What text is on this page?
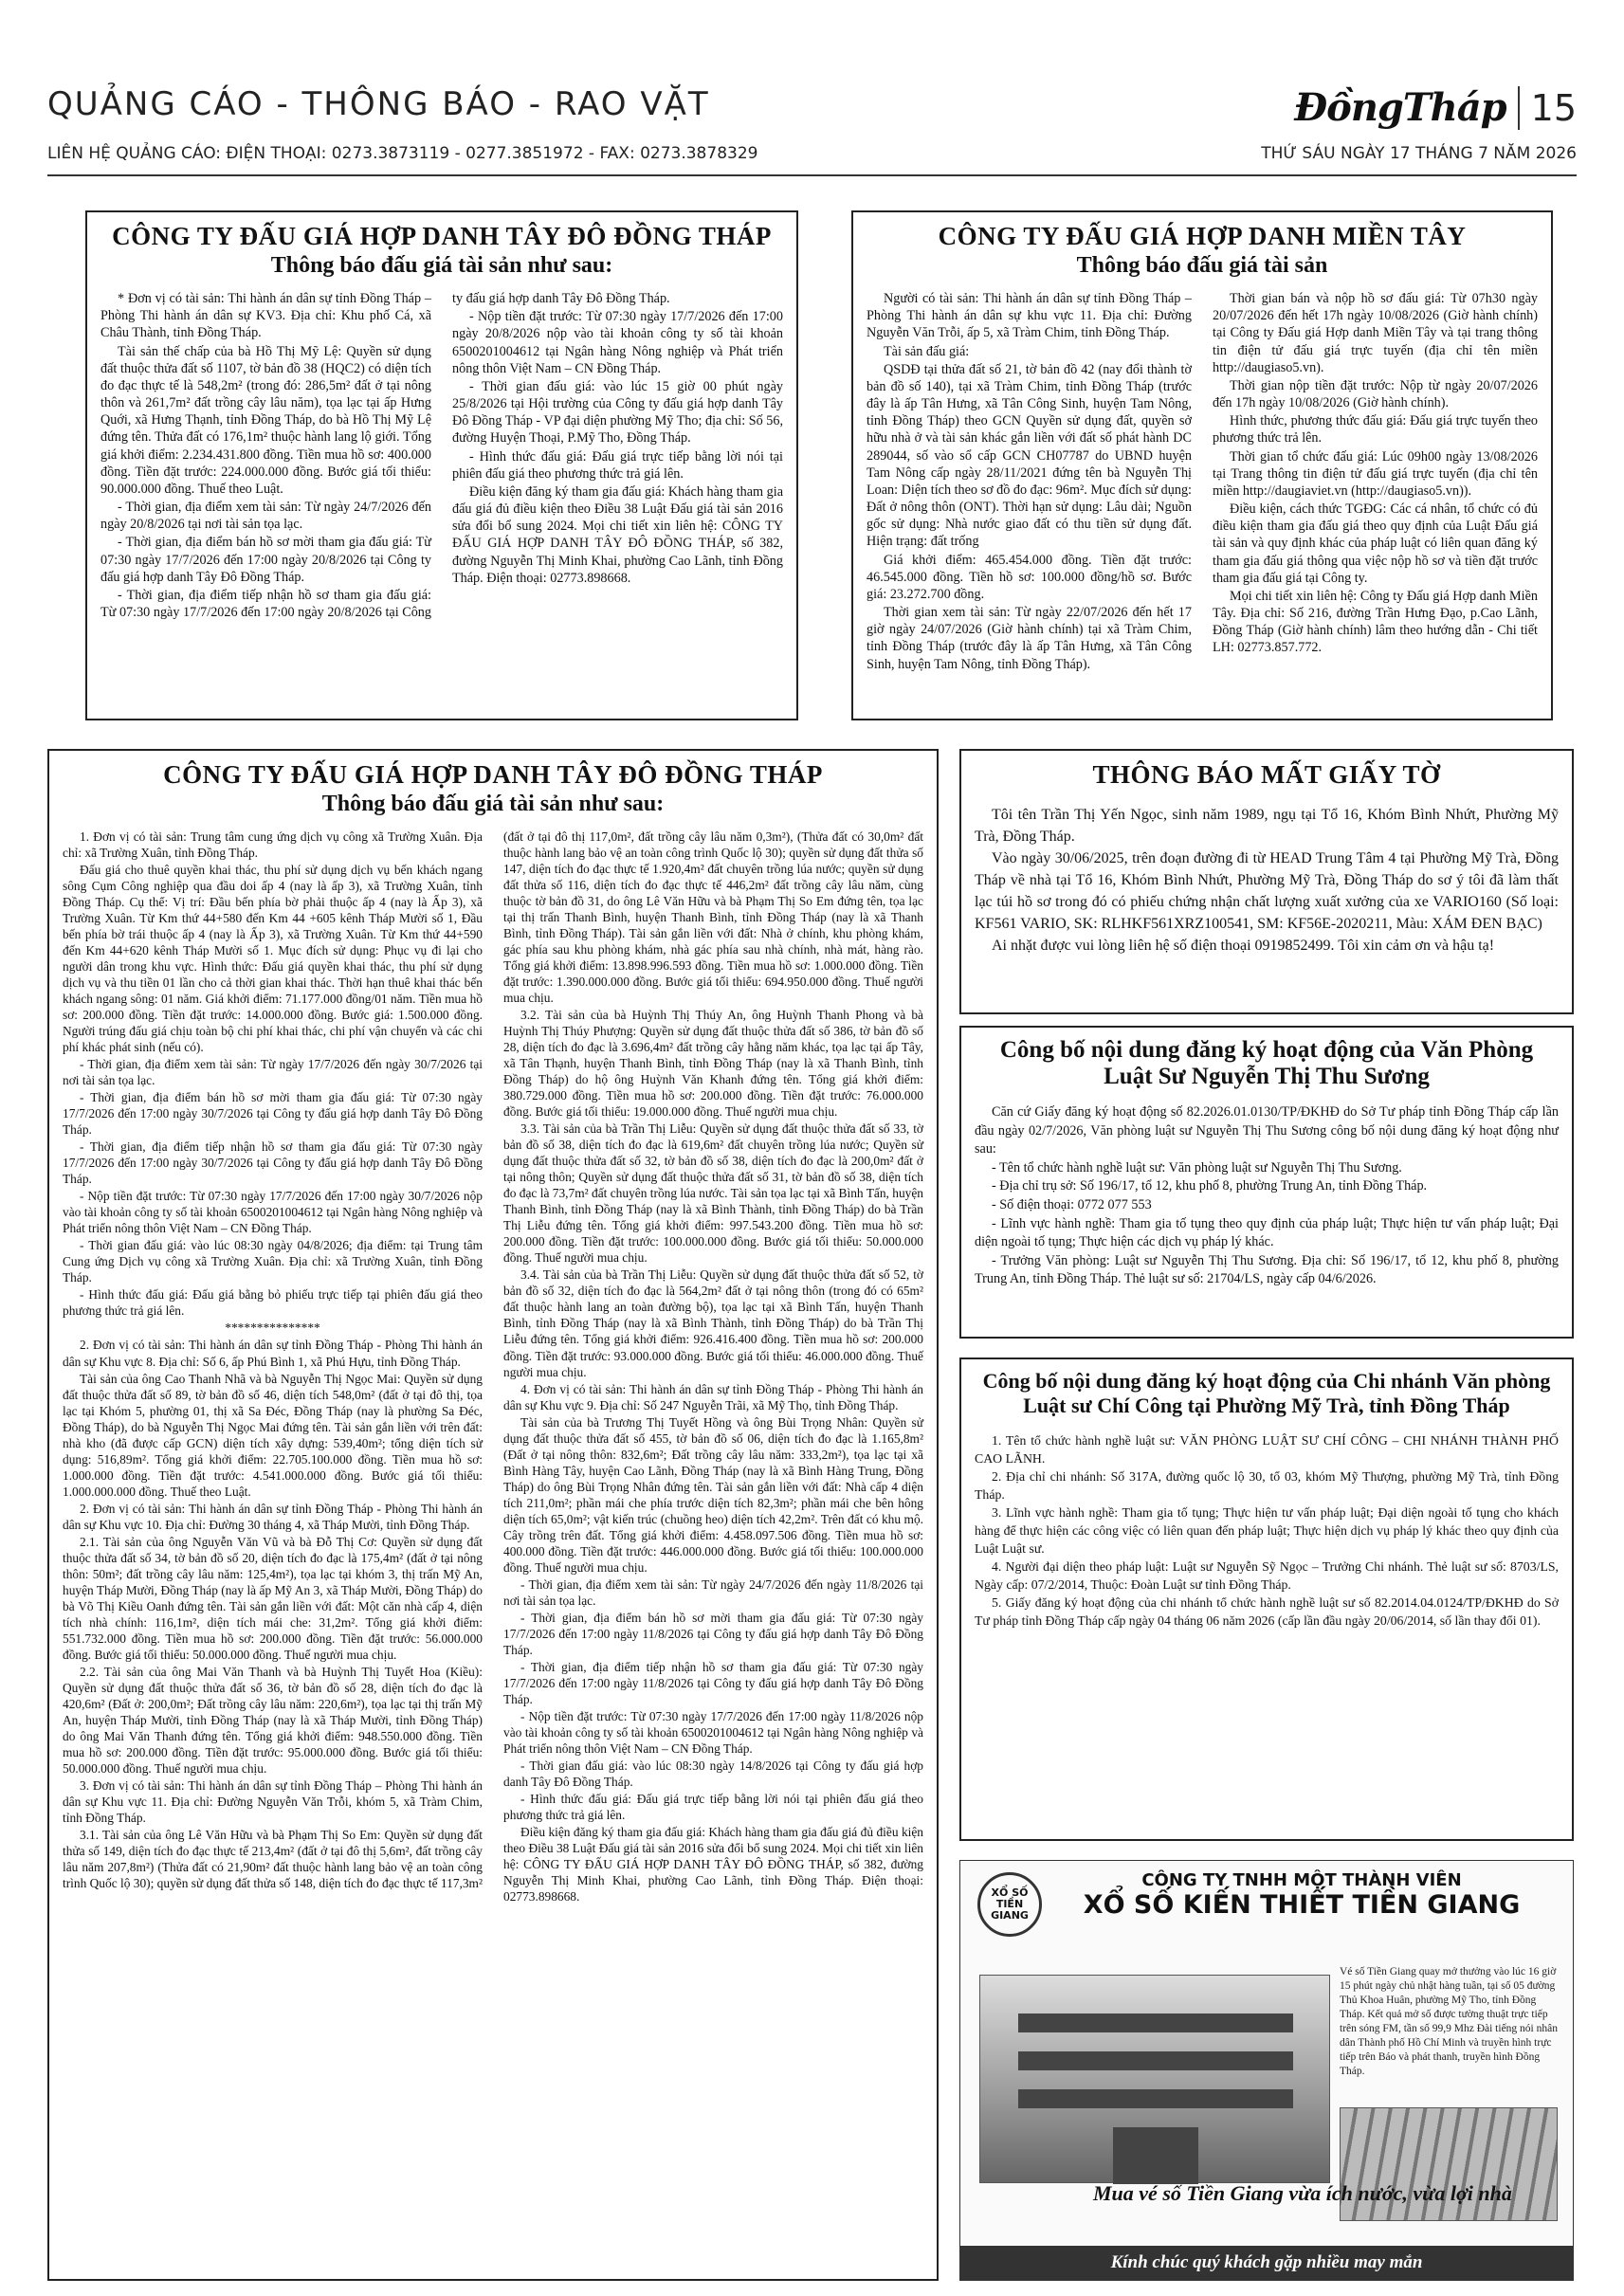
QUẢNG CÁO - THÔNG BÁO - RAO VẶT
LIÊN HỆ QUẢNG CÁO: ĐIỆN THOẠI: 0273.3873119 - 0277.3851972 - FAX: 0273.3878329
ĐồngTháp 15
THỨ SÁU NGÀY 17 THÁNG 7 NĂM 2026
CÔNG TY ĐẤU GIÁ HỢP DANH TÂY ĐÔ ĐỒNG THÁP
Thông báo đấu giá tài sản như sau:

* Đơn vị có tài sản: Thi hành án dân sự tỉnh Đồng Tháp – Phòng Thi hành án dân sự KV3. Địa chỉ: Khu phố Cá, xã Châu Thành, tỉnh Đồng Tháp.

Tài sản thế chấp của bà Hồ Thị Mỹ Lệ: Quyền sử dụng đất thuộc thửa đất số 1107, tờ bản đồ 38 (HQC2) có diện tích đo đạc thực tế là 548,2m² (trong đó: 286,5m² đất ở tại nông thôn và 261,7m² đất trồng cây lâu năm), tọa lạc tại ấp Hưng Quới, xã Hưng Thạnh, tỉnh Đồng Tháp, do bà Hồ Thị Mỹ Lệ đứng tên. Thửa đất có 176,1m² thuộc hành lang lộ giới. Tổng giá khởi điểm: 2.234.431.800 đồng. Tiền mua hồ sơ: 400.000 đồng. Tiền đặt trước: 224.000.000 đồng. Bước giá tối thiểu: 90.000.000 đồng. Thuế theo Luật.

- Thời gian, địa điểm xem tài sản: Từ ngày 24/7/2026 đến ngày 20/8/2026 tại nơi tài sản tọa lạc.

- Thời gian, địa điểm bán hồ sơ mời tham gia đấu giá: Từ 07:30 ngày 17/7/2026 đến 17:00 ngày 20/8/2026 tại Công ty đấu giá hợp danh Tây Đô Đồng Tháp.

- Thời gian, địa điểm tiếp nhận hồ sơ tham gia đấu giá: Từ 07:30 ngày 17/7/2026 đến 17:00 ngày 20/8/2026 tại Công ty đấu giá hợp danh Tây Đô Đồng Tháp.

- Nộp tiền đặt trước: Từ 07:30 ngày 17/7/2026 đến 17:00 ngày 20/8/2026 nộp vào tài khoản công ty số tài khoản 6500201004612 tại Ngân hàng Nông nghiệp và Phát triển nông thôn Việt Nam – CN Đồng Tháp.

- Thời gian đấu giá: vào lúc 15 giờ 00 phút ngày 25/8/2026 tại Hội trường của Công ty đấu giá hợp danh Tây Đô Đồng Tháp - VP đại diện phường Mỹ Tho; địa chỉ: Số 56, đường Huyện Thoại, P.Mỹ Tho, Đồng Tháp.

- Hình thức đấu giá: Đấu giá trực tiếp bằng lời nói tại phiên đấu giá theo phương thức trả giá lên.

Điều kiện đăng ký tham gia đấu giá: Khách hàng tham gia đấu giá đủ điều kiện theo Điều 38 Luật Đấu giá tài sản 2016 sửa đổi bổ sung 2024. Mọi chi tiết xin liên hệ: CÔNG TY ĐẤU GIÁ HỢP DANH TÂY ĐÔ ĐỒNG THÁP, số 382, đường Nguyễn Thị Minh Khai, phường Cao Lãnh, tỉnh Đồng Tháp. Điện thoại: 02773.898668.

CÔNG TY ĐẤU GIÁ HỢP DANH MIỀN TÂY
Thông báo đấu giá tài sản

Người có tài sản: Thi hành án dân sự tỉnh Đồng Tháp – Phòng Thi hành án dân sự khu vực 11. Địa chỉ: Đường Nguyễn Văn Trỗi, ấp 5, xã Tràm Chim, tỉnh Đồng Tháp.

Tài sản đấu giá:

QSDĐ tại thửa đất số 21, tờ bản đồ 42 (nay đổi thành tờ bản đồ số 140), tại xã Tràm Chim, tỉnh Đồng Tháp (trước đây là ấp Tân Hưng, xã Tân Công Sinh, huyện Tam Nông, tỉnh Đồng Tháp) theo GCN Quyền sử dụng đất, quyền sở hữu nhà ở và tài sản khác gắn liền với đất số phát hành DC 289044, số vào sổ cấp GCN CH07787 do UBND huyện Tam Nông cấp ngày 28/11/2021 đứng tên bà Nguyễn Thị Loan: Diện tích theo sơ đồ đo đạc: 96m². Mục đích sử dụng: Đất ở nông thôn (ONT). Thời hạn sử dụng: Lâu dài; Nguồn gốc sử dụng: Nhà nước giao đất có thu tiền sử dụng đất. Hiện trạng: đất trống

Giá khởi điểm: 465.454.000 đồng. Tiền đặt trước: 46.545.000 đồng. Tiền hồ sơ: 100.000 đồng/hồ sơ. Bước giá: 23.272.700 đồng.

Thời gian xem tài sản: Từ ngày 22/07/2026 đến hết 17 giờ ngày 24/07/2026 (Giờ hành chính) tại xã Tràm Chim, tỉnh Đồng Tháp (trước đây là ấp Tân Hưng, xã Tân Công Sinh, huyện Tam Nông, tỉnh Đồng Tháp).

Thời gian bán và nộp hồ sơ đấu giá: Từ 07h30 ngày 20/07/2026 đến hết 17h ngày 10/08/2026 (Giờ hành chính) tại Công ty Đấu giá Hợp danh Miền Tây và tại trang thông tin điện tử đấu giá trực tuyến (địa chỉ tên miền http://daugiaso5.vn).

Thời gian nộp tiền đặt trước: Nộp từ ngày 20/07/2026 đến 17h ngày 10/08/2026 (Giờ hành chính).

Hình thức, phương thức đấu giá: Đấu giá trực tuyến theo phương thức trả lên.

Thời gian tổ chức đấu giá: Lúc 09h00 ngày 13/08/2026 tại Trang thông tin điện tử đấu giá trực tuyến (địa chỉ tên miền http://daugiaviet.vn (http://daugiaso5.vn)).

Điều kiện, cách thức TGĐG: Các cá nhân, tổ chức có đủ điều kiện tham gia đấu giá theo quy định của Luật Đấu giá tài sản và quy định khác của pháp luật có liên quan đăng ký tham gia đấu giá thông qua việc nộp hồ sơ và tiền đặt trước tham gia đấu giá tại Công ty.

Mọi chi tiết xin liên hệ: Công ty Đấu giá Hợp danh Miền Tây. Địa chỉ: Số 216, đường Trần Hưng Đạo, p.Cao Lãnh, Đồng Tháp (Giờ hành chính) lâm theo hướng dẫn - Chi tiết LH: 02773.857.772.

CÔNG TY ĐẤU GIÁ HỢP DANH TÂY ĐÔ ĐỒNG THÁP
Thông báo đấu giá tài sản như sau:

1. Đơn vị có tài sản: Trung tâm cung ứng dịch vụ công xã Trường Xuân. Địa chỉ: xã Trường Xuân, tỉnh Đồng Tháp.

Đấu giá cho thuê quyền khai thác, thu phí sử dụng dịch vụ bến khách ngang sông Cụm Công nghiệp qua đầu doi ấp 4 (nay là ấp 3), xã Trường Xuân, tỉnh Đồng Tháp. Cụ thể: Vị trí: Đầu bến phía bờ phải thuộc ấp 4 (nay là Ấp 3), xã Trường Xuân. Từ Km thứ 44+580 đến Km 44 +605 kênh Tháp Mười số 1, Đầu bến phía bờ trái thuộc ấp 4 (nay là Ấp 3), xã Trường Xuân. Từ Km thứ 44+590 đến Km 44+620 kênh Tháp Mười số 1. Mục đích sử dụng: Phục vụ đi lại cho người dân trong khu vực. Hình thức: Đấu giá quyền khai thác, thu phí sử dụng dịch vụ và thu tiền 01 lần cho cả thời gian khai thác. Thời hạn thuê khai thác bến khách ngang sông: 01 năm. Giá khởi điểm: 71.177.000 đồng/01 năm. Tiền mua hồ sơ: 200.000 đồng. Tiền đặt trước: 14.000.000 đồng. Bước giá: 1.500.000 đồng. Người trúng đấu giá chịu toàn bộ chi phí khai thác, chi phí vận chuyển và các chi phí khác phát sinh (nếu có).

- Thời gian, địa điểm xem tài sản: Từ ngày 17/7/2026 đến ngày 30/7/2026 tại nơi tài sản tọa lạc.

- Thời gian, địa điểm bán hồ sơ mời tham gia đấu giá: Từ 07:30 ngày 17/7/2026 đến 17:00 ngày 30/7/2026 tại Công ty đấu giá hợp danh Tây Đô Đồng Tháp.

- Thời gian, địa điểm tiếp nhận hồ sơ tham gia đấu giá: Từ 07:30 ngày 17/7/2026 đến 17:00 ngày 30/7/2026 tại Công ty đấu giá hợp danh Tây Đô Đồng Tháp.

- Nộp tiền đặt trước: Từ 07:30 ngày 17/7/2026 đến 17:00 ngày 30/7/2026 nộp vào tài khoản công ty số tài khoản 6500201004612 tại Ngân hàng Nông nghiệp và Phát triển nông thôn Việt Nam – CN Đồng Tháp.

- Thời gian đấu giá: vào lúc 08:30 ngày 04/8/2026; địa điểm: tại Trung tâm Cung ứng Dịch vụ công xã Trường Xuân. Địa chỉ: xã Trường Xuân, tỉnh Đồng Tháp.

- Hình thức đấu giá: Đấu giá bằng bỏ phiếu trực tiếp tại phiên đấu giá theo phương thức trả giá lên.

***************

2. Đơn vị có tài sản: Thi hành án dân sự tỉnh Đồng Tháp - Phòng Thi hành án dân sự Khu vực 8. Địa chỉ: Số 6, ấp Phú Bình 1, xã Phú Hựu, tỉnh Đồng Tháp.

Tài sản của ông Cao Thanh Nhã và bà Nguyễn Thị Ngọc Mai: Quyền sử dụng đất thuộc thửa đất số 89, tờ bản đồ số 46, diện tích 548,0m² (đất ở tại đô thị, tọa lạc tại Khóm 5, phường 01, thị xã Sa Đéc, Đồng Tháp (nay là phường Sa Đéc, Đồng Tháp), do bà Nguyễn Thị Ngọc Mai đứng tên. Tài sản gắn liền với trên đất: nhà kho (đã được cấp GCN) diện tích xây dựng: 539,40m²; tổng diện tích sử dụng: 516,89m². Tổng giá khởi điểm: 22.705.100.000 đồng. Tiền mua hồ sơ: 1.000.000 đồng. Tiền đặt trước: 4.541.000.000 đồng. Bước giá tối thiểu: 1.000.000.000 đồng. Thuế theo Luật.

2. Đơn vị có tài sản: Thi hành án dân sự tỉnh Đồng Tháp - Phòng Thi hành án dân sự Khu vực 10. Địa chỉ: Đường 30 tháng 4, xã Tháp Mười, tỉnh Đồng Tháp.

2.1. Tài sản của ông Nguyễn Văn Vũ và bà Đỗ Thị Cơ: Quyền sử dụng đất thuộc thửa đất số 34, tờ bản đồ số 20, diện tích đo đạc là 175,4m² (đất ở tại nông thôn: 50m²; đất trồng cây lâu năm: 125,4m²), tọa lạc tại khóm 3, thị trấn Mỹ An, huyện Tháp Mười, Đồng Tháp (nay là ấp Mỹ An 3, xã Tháp Mười, Đồng Tháp) do bà Võ Thị Kiều Oanh đứng tên. Tài sản gắn liền với đất: Một căn nhà cấp 4, diện tích nhà chính: 116,1m², diện tích mái che: 31,2m². Tổng giá khởi điểm: 551.732.000 đồng. Tiền mua hồ sơ: 200.000 đồng. Tiền đặt trước: 56.000.000 đồng. Bước giá tối thiểu: 50.000.000 đồng. Thuế người mua chịu.

2.2. Tài sản của ông Mai Văn Thanh và bà Huỳnh Thị Tuyết Hoa (Kiều): Quyền sử dụng đất thuộc thửa đất số 36, tờ bản đồ số 28, diện tích đo đạc là 420,6m² (Đất ở: 200,0m²; Đất trồng cây lâu năm: 220,6m²), tọa lạc tại thị trấn Mỹ An, huyện Tháp Mười, tỉnh Đồng Tháp (nay là xã Tháp Mười, tỉnh Đồng Tháp) do ông Mai Văn Thanh đứng tên. Tổng giá khởi điểm: 948.550.000 đồng. Tiền mua hồ sơ: 200.000 đồng. Tiền đặt trước: 95.000.000 đồng. Bước giá tối thiểu: 50.000.000 đồng. Thuế người mua chịu.

3. Đơn vị có tài sản: Thi hành án dân sự tỉnh Đồng Tháp – Phòng Thi hành án dân sự Khu vực 11. Địa chỉ: Đường Nguyễn Văn Trỗi, khóm 5, xã Tràm Chim, tỉnh Đồng Tháp.

3.1. Tài sản của ông Lê Văn Hữu và bà Phạm Thị So Em: Quyền sử dụng đất thửa số 149, diện tích đo đạc thực tế 213,4m² (đất ở tại đô thị 5,6m², đất trồng cây lâu năm 207,8m²) (Thửa đất có 21,90m² đất thuộc hành lang bảo vệ an toàn công trình Quốc lộ 30); quyền sử dụng đất thửa số 148, diện tích đo đạc thực tế 117,3m² (đất ở tại đô thị 117,0m², đất trồng cây lâu năm 0,3m²), (Thửa đất có 30,0m² đất thuộc hành lang bảo vệ an toàn công trình Quốc lộ 30); quyền sử dụng đất thửa số 147, diện tích đo đạc thực tế 1.920,4m² đất chuyên trồng lúa nước; quyền sử dụng đất thửa số 116, diện tích đo đạc thực tế 446,2m² đất trồng cây lâu năm, cùng thuộc tờ bản đồ 31, do ông Lê Văn Hữu và bà Phạm Thị So Em đứng tên, tọa lạc tại thị trấn Thanh Bình, huyện Thanh Bình, tỉnh Đồng Tháp (nay là xã Thanh Bình, tỉnh Đồng Tháp). Tài sản gắn liền với đất: Nhà ở chính, khu phòng khám, gác phía sau khu phòng khám, nhà gác phía sau nhà chính, nhà mát, hàng rào. Tổng giá khởi điểm: 13.898.996.593 đồng. Tiền mua hồ sơ: 1.000.000 đồng. Tiền đặt trước: 1.390.000.000 đồng. Bước giá tối thiểu: 694.950.000 đồng. Thuế người mua chịu.

3.2. Tài sản của bà Huỳnh Thị Thúy An, ông Huỳnh Thanh Phong và bà Huỳnh Thị Thúy Phượng: Quyền sử dụng đất thuộc thửa đất số 386, tờ bản đồ số 28, diện tích đo đạc là 3.696,4m² đất trồng cây hằng năm khác, tọa lạc tại ấp Tây, xã Tân Thạnh, huyện Thanh Bình, tỉnh Đồng Tháp (nay là xã Thanh Bình, tỉnh Đồng Tháp) do hộ ông Huỳnh Văn Khanh đứng tên. Tổng giá khởi điểm: 380.729.000 đồng. Tiền mua hồ sơ: 200.000 đồng. Tiền đặt trước: 76.000.000 đồng. Bước giá tối thiểu: 19.000.000 đồng. Thuế người mua chịu.

3.3. Tài sản của bà Trần Thị Liễu: Quyền sử dụng đất thuộc thửa đất số 33, tờ bản đồ số 38, diện tích đo đạc là 619,6m² đất chuyên trồng lúa nước; Quyền sử dụng đất thuộc thửa đất số 32, tờ bản đồ số 38, diện tích đo đạc là 200,0m² đất ở tại nông thôn; Quyền sử dụng đất thuộc thửa đất số 31, tờ bản đồ số 38, diện tích đo đạc là 73,7m² đất chuyên trồng lúa nước. Tài sản tọa lạc tại xã Bình Tấn, huyện Thanh Bình, tỉnh Đồng Tháp (nay là xã Bình Thành, tỉnh Đồng Tháp) do bà Trần Thị Liễu đứng tên. Tổng giá khởi điểm: 997.543.200 đồng. Tiền mua hồ sơ: 200.000 đồng. Tiền đặt trước: 100.000.000 đồng. Bước giá tối thiểu: 50.000.000 đồng. Thuế người mua chịu.

3.4. Tài sản của bà Trần Thị Liễu: Quyền sử dụng đất thuộc thửa đất số 52, tờ bản đồ số 32, diện tích đo đạc là 564,2m² đất ở tại nông thôn (trong đó có 65m² đất thuộc hành lang an toàn đường bộ), tọa lạc tại xã Bình Tấn, huyện Thanh Bình, tỉnh Đồng Tháp (nay là xã Bình Thành, tỉnh Đồng Tháp) do bà Trần Thị Liễu đứng tên. Tổng giá khởi điểm: 926.416.400 đồng. Tiền mua hồ sơ: 200.000 đồng. Tiền đặt trước: 93.000.000 đồng. Bước giá tối thiểu: 46.000.000 đồng. Thuế người mua chịu.

4. Đơn vị có tài sản: Thi hành án dân sự tỉnh Đồng Tháp - Phòng Thi hành án dân sự Khu vực 9. Địa chỉ: Số 247 Nguyễn Trãi, xã Mỹ Thọ, tỉnh Đồng Tháp.

Tài sản của bà Trương Thị Tuyết Hồng và ông Bùi Trọng Nhân: Quyền sử dụng đất thuộc thửa đất số 455, tờ bản đồ số 06, diện tích đo đạc là 1.165,8m² (Đất ở tại nông thôn: 832,6m²; Đất trồng cây lâu năm: 333,2m²), tọa lạc tại xã Bình Hàng Tây, huyện Cao Lãnh, Đồng Tháp (nay là xã Bình Hàng Trung, Đồng Tháp) do ông Bùi Trọng Nhân đứng tên. Tài sản gắn liền với đất: Nhà cấp 4 diện tích 211,0m²; phần mái che phía trước diện tích 82,3m²; phần mái che bên hông diện tích 65,0m²; vật kiến trúc (chuồng heo) diện tích 42,2m². Trên đất có khu mộ. Cây trồng trên đất. Tổng giá khởi điểm: 4.458.097.506 đồng. Tiền mua hồ sơ: 400.000 đồng. Tiền đặt trước: 446.000.000 đồng. Bước giá tối thiểu: 100.000.000 đồng. Thuế người mua chịu.

- Thời gian, địa điểm xem tài sản: Từ ngày 24/7/2026 đến ngày 11/8/2026 tại nơi tài sản tọa lạc.

- Thời gian, địa điểm bán hồ sơ mời tham gia đấu giá: Từ 07:30 ngày 17/7/2026 đến 17:00 ngày 11/8/2026 tại Công ty đấu giá hợp danh Tây Đô Đồng Tháp.

- Thời gian, địa điểm tiếp nhận hồ sơ tham gia đấu giá: Từ 07:30 ngày 17/7/2026 đến 17:00 ngày 11/8/2026 tại Công ty đấu giá hợp danh Tây Đô Đồng Tháp.

- Nộp tiền đặt trước: Từ 07:30 ngày 17/7/2026 đến 17:00 ngày 11/8/2026 nộp vào tài khoản công ty số tài khoản 6500201004612 tại Ngân hàng Nông nghiệp và Phát triển nông thôn Việt Nam – CN Đồng Tháp.

- Thời gian đấu giá: vào lúc 08:30 ngày 14/8/2026 tại Công ty đấu giá hợp danh Tây Đô Đồng Tháp.

- Hình thức đấu giá: Đấu giá trực tiếp bằng lời nói tại phiên đấu giá theo phương thức trả giá lên.

Điều kiện đăng ký tham gia đấu giá: Khách hàng tham gia đấu giá đủ điều kiện theo Điều 38 Luật Đấu giá tài sản 2016 sửa đổi bổ sung 2024. Mọi chi tiết xin liên hệ: CÔNG TY ĐẤU GIÁ HỢP DANH TÂY ĐÔ ĐỒNG THÁP, số 382, đường Nguyễn Thị Minh Khai, phường Cao Lãnh, tỉnh Đồng Tháp. Điện thoại: 02773.898668.

THÔNG BÁO MẤT GIẤY TỜ

Tôi tên Trần Thị Yến Ngọc, sinh năm 1989, ngụ tại Tổ 16, Khóm Bình Nhứt, Phường Mỹ Trà, Đồng Tháp.

Vào ngày 30/06/2025, trên đoạn đường đi từ HEAD Trung Tâm 4 tại Phường Mỹ Trà, Đồng Tháp về nhà tại Tổ 16, Khóm Bình Nhứt, Phường Mỹ Trà, Đồng Tháp do sơ ý tôi đã làm thất lạc túi hồ sơ trong đó có phiếu chứng nhận chất lượng xuất xưởng của xe VARIO160 (Số loại: KF561 VARIO, SK: RLHKF561XRZ100541, SM: KF56E-2020211, Màu: XÁM ĐEN BẠC)

Ai nhặt được vui lòng liên hệ số điện thoại 0919852499. Tôi xin cảm ơn và hậu tạ!

Công bố nội dung đăng ký hoạt động của Văn Phòng Luật Sư Nguyễn Thị Thu Sương

Căn cứ Giấy đăng ký hoạt động số 82.2026.01.0130/TP/ĐKHĐ do Sở Tư pháp tỉnh Đồng Tháp cấp lần đầu ngày 02/7/2026, Văn phòng luật sư Nguyễn Thị Thu Sương công bố nội dung đăng ký hoạt động như sau:

- Tên tổ chức hành nghề luật sư: Văn phòng luật sư Nguyễn Thị Thu Sương.

- Địa chỉ trụ sở: Số 196/17, tổ 12, khu phố 8, phường Trung An, tỉnh Đồng Tháp.

- Số điện thoại: 0772 077 553

- Lĩnh vực hành nghề: Tham gia tố tụng theo quy định của pháp luật; Thực hiện tư vấn pháp luật; Đại diện ngoài tố tụng; Thực hiện các dịch vụ pháp lý khác.

- Trưởng Văn phòng: Luật sư Nguyễn Thị Thu Sương. Địa chỉ: Số 196/17, tổ 12, khu phố 8, phường Trung An, tỉnh Đồng Tháp. Thẻ luật sư số: 21704/LS, ngày cấp 04/6/2026.

Công bố nội dung đăng ký hoạt động của Chi nhánh Văn phòng Luật sư Chí Công tại Phường Mỹ Trà, tỉnh Đồng Tháp

1. Tên tổ chức hành nghề luật sư: VĂN PHÒNG LUẬT SƯ CHÍ CÔNG – CHI NHÁNH THÀNH PHỐ CAO LÃNH.

2. Địa chỉ chi nhánh: Số 317A, đường quốc lộ 30, tổ 03, khóm Mỹ Thượng, phường Mỹ Trà, tỉnh Đồng Tháp.

3. Lĩnh vực hành nghề: Tham gia tố tụng; Thực hiện tư vấn pháp luật; Đại diện ngoài tố tụng cho khách hàng để thực hiện các công việc có liên quan đến pháp luật; Thực hiện dịch vụ pháp lý khác theo quy định của Luật Luật sư.

4. Người đại diện theo pháp luật: Luật sư Nguyễn Sỹ Ngọc – Trưởng Chi nhánh. Thẻ luật sư số: 8703/LS, Ngày cấp: 07/2/2014, Thuộc: Đoàn Luật sư tỉnh Đồng Tháp.

5. Giấy đăng ký hoạt động của chi nhánh tổ chức hành nghề luật sư số 82.2014.04.0124/TP/ĐKHĐ do Sở Tư pháp tỉnh Đồng Tháp cấp ngày 04 tháng 06 năm 2026 (cấp lần đầu ngày 20/06/2014, số lần thay đổi 01).

XỔ SỐ TIỀN GIANG
CÔNG TY TNHH MỘT THÀNH VIÊN
XỔ SỐ KIẾN THIẾT TIỀN GIANG
Vé số Tiền Giang quay mở thưởng vào lúc 16 giờ 15 phút ngày chủ nhật hàng tuần, tại số 05 đường Thủ Khoa Huân, phường Mỹ Tho, tỉnh Đồng Tháp. Kết quả mở số được tường thuật trực tiếp trên sóng FM, tần số 99,9 Mhz Đài tiếng nói nhân dân Thành phố Hồ Chí Minh và truyền hình trực tiếp trên Báo và phát thanh, truyền hình Đồng Tháp.
Mua vé số Tiền Giang vừa ích nước, vừa lợi nhà
Kính chúc quý khách gặp nhiều may mắn
